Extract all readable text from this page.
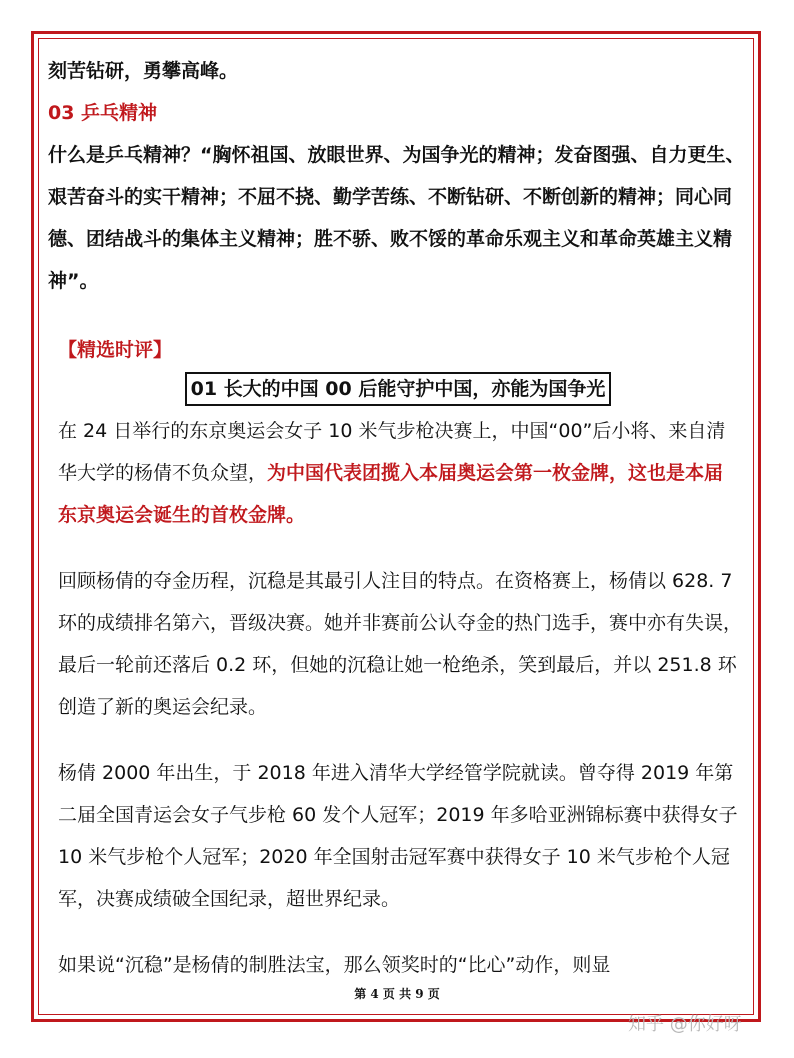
刻苦钻研，勇攀高峰。

03 乒乓精神

什么是乒乓精神？“胸怀祖国、放眼世界、为国争光的精神；发奋图强、自力更生、艰苦奋斗的实干精神；不屈不挠、勤学苦练、不断钻研、不断创新的精神；同心同德、团结战斗的集体主义精神；胜不骄、败不馁的革命乐观主义和革命英雄主义精神”。

【精选时评】

01 长大的中国 00 后能守护中国，亦能为国争光

在 24 日举行的东京奥运会女子 10 米气步枪决赛上，中国“00”后小将、来自清华大学的杨倩不负众望，为中国代表团揽入本届奥运会第一枚金牌，这也是本届东京奥运会诞生的首枚金牌。

回顾杨倩的夺金历程，沉稳是其最引人注目的特点。在资格赛上，杨倩以 628. 7 环的成绩排名第六，晋级决赛。她并非赛前公认夺金的热门选手，赛中亦有失误，最后一轮前还落后 0.2 环，但她的沉稳让她一枪绝杀，笑到最后，并以 251.8 环创造了新的奥运会纪录。

杨倩 2000 年出生，于 2018 年进入清华大学经管学院就读。曾夺得 2019 年第二届全国青运会女子气步枪 60 发个人冠军；2019 年多哈亚洲锦标赛中获得女子 10 米气步枪个人冠军；2020 年全国射击冠军赛中获得女子 10 米气步枪个人冠军，决赛成绩破全国纪录，超世界纪录。

如果说“沉稳”是杨倩的制胜法宝，那么领奖时的“比心”动作，则显

第 4 页 共 9 页
知乎 @你好呀
